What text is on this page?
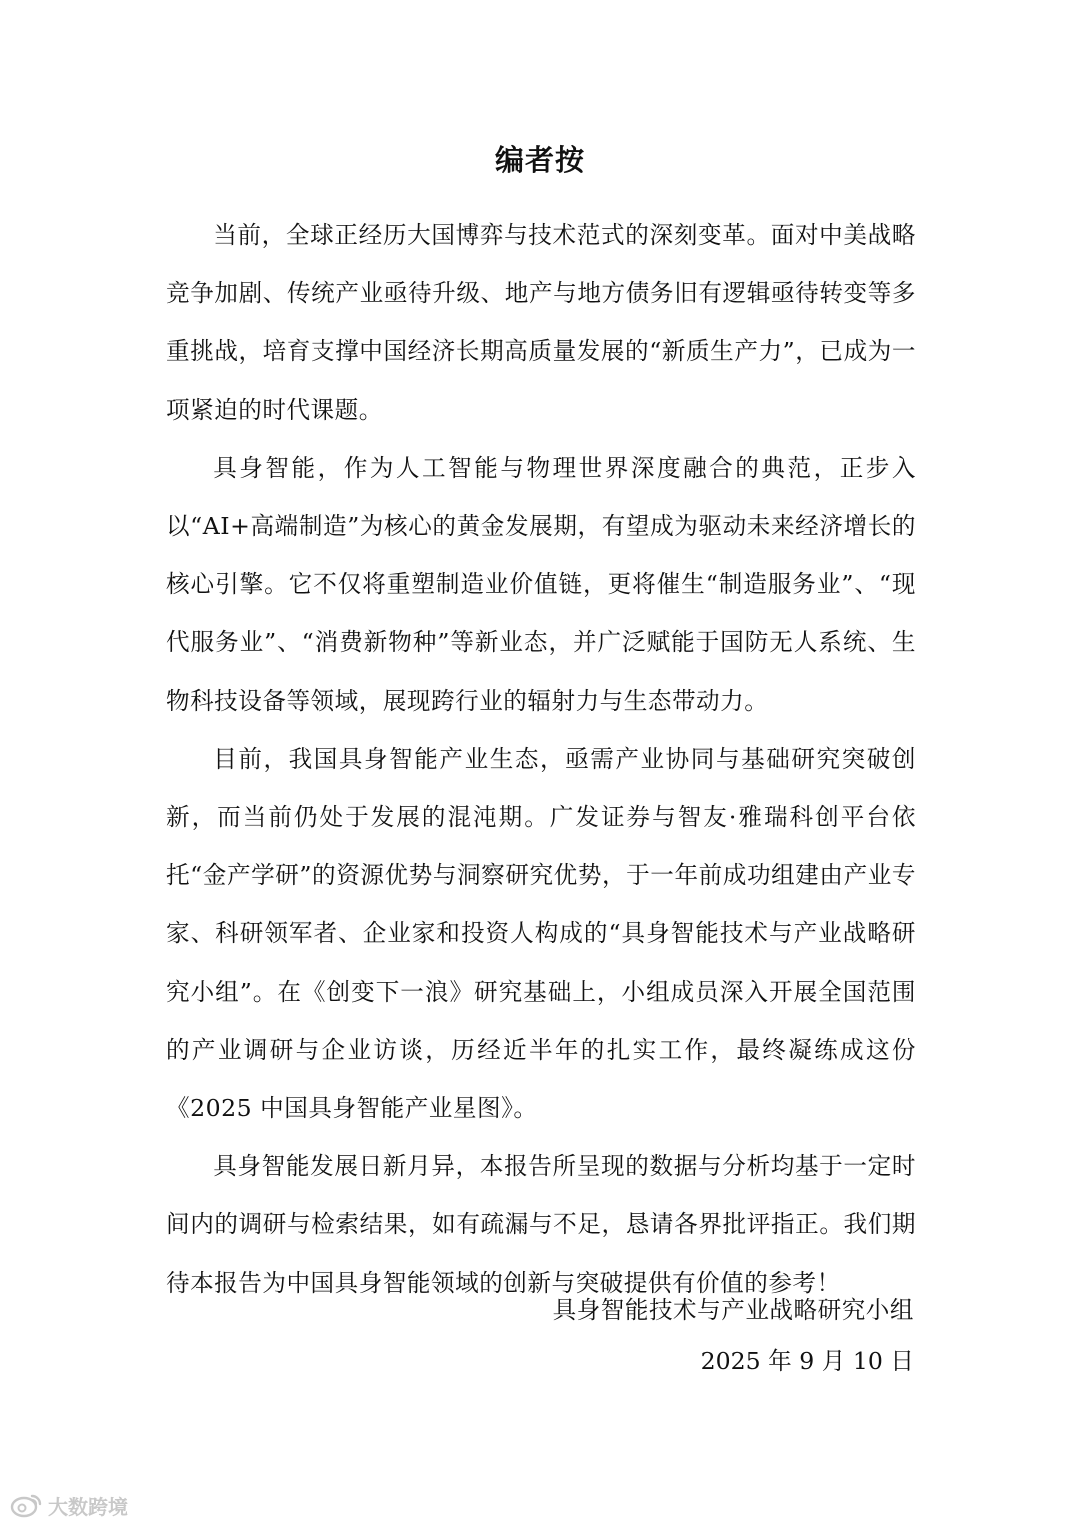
编者按

当前，全球正经历大国博弈与技术范式的深刻变革。面对中美战略竞争加剧、传统产业亟待升级、地产与地方债务旧有逻辑亟待转变等多重挑战，培育支撑中国经济长期高质量发展的“新质生产力”，已成为一项紧迫的时代课题。

具身智能，作为人工智能与物理世界深度融合的典范，正步入以“AI+高端制造”为核心的黄金发展期，有望成为驱动未来经济增长的核心引擎。它不仅将重塑制造业价值链，更将催生“制造服务业”、“现代服务业”、“消费新物种”等新业态，并广泛赋能于国防无人系统、生物科技设备等领域，展现跨行业的辐射力与生态带动力。

目前，我国具身智能产业生态，亟需产业协同与基础研究突破创新，而当前仍处于发展的混沌期。广发证券与智友·雅瑞科创平台依托“金产学研”的资源优势与洞察研究优势，于一年前成功组建由产业专家、科研领军者、企业家和投资人构成的“具身智能技术与产业战略研究小组”。在《创变下一浪》研究基础上，小组成员深入开展全国范围的产业调研与企业访谈，历经近半年的扎实工作，最终凝练成这份《2025 中国具身智能产业星图》。

具身智能发展日新月异，本报告所呈现的数据与分析均基于一定时间内的调研与检索结果，如有疏漏与不足，恳请各界批评指正。我们期待本报告为中国具身智能领域的创新与突破提供有价值的参考！

具身智能技术与产业战略研究小组
2025 年 9 月 10 日
大数跨境
